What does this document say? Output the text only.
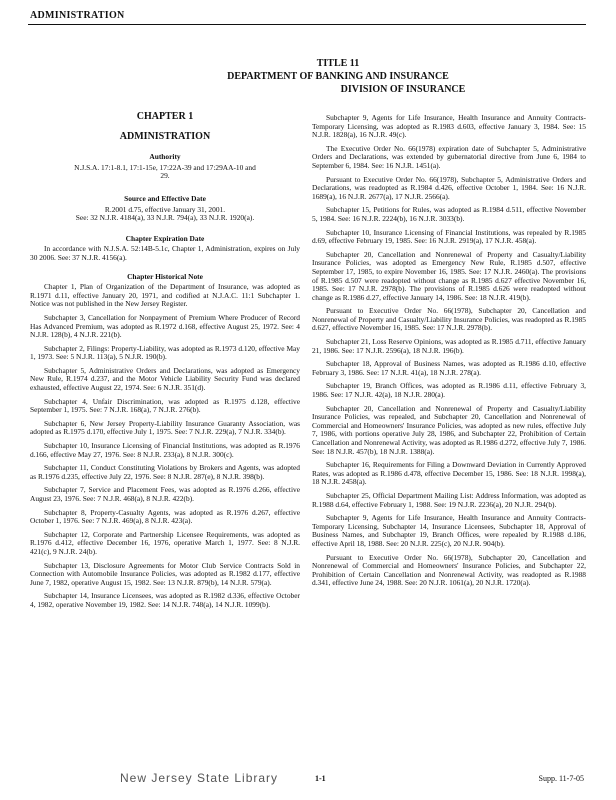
ADMINISTRATION
TITLE 11
DEPARTMENT OF BANKING AND INSURANCE
DIVISION OF INSURANCE
CHAPTER 1
ADMINISTRATION
Authority
N.J.S.A. 17:1-8.1, 17:1-15e, 17:22A-39 and 17:29AA-10 and 29.
Source and Effective Date
R.2001 d.75, effective January 31, 2001.
See: 32 N.J.R. 4184(a), 33 N.J.R. 794(a), 33 N.J.R. 1920(a).
Chapter Expiration Date
In accordance with N.J.S.A. 52:14B-5.1c, Chapter 1, Administration, expires on July 30 2006. See: 37 N.J.R. 4156(a).
Chapter Historical Note
Chapter 1, Plan of Organization of the Department of Insurance, was adopted as R.1971 d.11, effective January 20, 1971, and codified at N.J.A.C. 11:1 Subchapter 1. Notice was not published in the New Jersey Register.
Subchapter 3, Cancellation for Nonpayment of Premium Where Producer of Record Has Advanced Premium, was adopted as R.1972 d.168, effective August 25, 1972. See: 4 N.J.R. 128(b), 4 N.J.R. 221(b).
Subchapter 2, Filings: Property-Liability, was adopted as R.1973 d.120, effective May 1, 1973. See: 5 N.J.R. 113(a), 5 N.J.R. 190(b).
Subchapter 5, Administrative Orders and Declarations, was adopted as Emergency New Rule, R.1974 d.237, and the Motor Vehicle Liability Security Fund was declared exhausted, effective August 22, 1974. See: 6 N.J.R. 351(d).
Subchapter 4, Unfair Discrimination, was adopted as R.1975 d.128, effective September 1, 1975. See: 7 N.J.R. 168(a), 7 N.J.R. 276(b).
Subchapter 6, New Jersey Property-Liability Insurance Guaranty Association, was adopted as R.1975 d.170, effective July 1, 1975. See: 7 N.J.R. 229(a), 7 N.J.R. 334(b).
Subchapter 10, Insurance Licensing of Financial Institutions, was adopted as R.1976 d.166, effective May 27, 1976. See: 8 N.J.R. 233(a), 8 N.J.R. 300(c).
Subchapter 11, Conduct Constituting Violations by Brokers and Agents, was adopted as R.1976 d.235, effective July 22, 1976. See: 8 N.J.R. 287(e), 8 N.J.R. 398(b).
Subchapter 7, Service and Placement Fees, was adopted as R.1976 d.266, effective August 23, 1976. See: 7 N.J.R. 468(a), 8 N.J.R. 422(b).
Subchapter 8, Property-Casualty Agents, was adopted as R.1976 d.267, effective October 1, 1976. See: 7 N.J.R. 469(a), 8 N.J.R. 423(a).
Subchapter 12, Corporate and Partnership Licensee Requirements, was adopted as R.1976 d.412, effective December 16, 1976, operative March 1, 1977. See: 8 N.J.R. 421(c), 9 N.J.R. 24(b).
Subchapter 13, Disclosure Agreements for Motor Club Service Contracts Sold in Connection with Automobile Insurance Policies, was adopted as R.1982 d.177, effective June 7, 1982, operative August 15, 1982. See: 13 N.J.R. 879(b), 14 N.J.R. 579(a).
Subchapter 14, Insurance Licensees, was adopted as R.1982 d.336, effective October 4, 1982, operative November 19, 1982. See: 14 N.J.R. 748(a), 14 N.J.R. 1099(b).
Subchapter 9, Agents for Life Insurance, Health Insurance and Annuity Contracts-Temporary Licensing, was adopted as R.1983 d.603, effective January 3, 1984. See: 15 N.J.R. 1828(a), 16 N.J.R. 49(c).
The Executive Order No. 66(1978) expiration date of Subchapter 5, Administrative Orders and Declarations, was extended by gubernatorial directive from June 6, 1984 to September 6, 1984. See: 16 N.J.R. 1451(a).
Pursuant to Executive Order No. 66(1978), Subchapter 5, Administrative Orders and Declarations, was readopted as R.1984 d.426, effective October 1, 1984. See: 16 N.J.R. 1689(a), 16 N.J.R. 2677(a), 17 N.J.R. 2566(a).
Subchapter 15, Petitions for Rules, was adopted as R.1984 d.511, effective November 5, 1984. See: 16 N.J.R. 2224(b), 16 N.J.R. 3033(b).
Subchapter 10, Insurance Licensing of Financial Institutions, was repealed by R.1985 d.69, effective February 19, 1985. See: 16 N.J.R. 2919(a), 17 N.J.R. 458(a).
Subchapter 20, Cancellation and Nonrenewal of Property and Casualty/Liability Insurance Policies, was adopted as Emergency New Rule, R.1985 d.507, effective September 17, 1985, to expire November 16, 1985. See: 17 N.J.R. 2460(a). The provisions of R.1985 d.507 were readopted without change as R.1985 d.627 effective November 16, 1985. See: 17 N.J.R. 2978(b). The provisions of R.1985 d.626 were readopted without change as R.1986 d.27, effective January 14, 1986. See: 18 N.J.R. 419(b).
Pursuant to Executive Order No. 66(1978), Subchapter 20, Cancellation and Nonrenewal of Property and Casualty/Liability Insurance Policies, was readopted as R.1985 d.627, effective November 16, 1985. See: 17 N.J.R. 2978(b).
Subchapter 21, Loss Reserve Opinions, was adopted as R.1985 d.711, effective January 21, 1986. See: 17 N.J.R. 2596(a), 18 N.J.R. 196(b).
Subchapter 18, Approval of Business Names, was adopted as R.1986 d.10, effective February 3, 1986. See: 17 N.J.R. 41(a), 18 N.J.R. 278(a).
Subchapter 19, Branch Offices, was adopted as R.1986 d.11, effective February 3, 1986. See: 17 N.J.R. 42(a), 18 N.J.R. 280(a).
Subchapter 20, Cancellation and Nonrenewal of Property and Casualty/Liability Insurance Policies, was repealed, and Subchapter 20, Cancellation and Nonrenewal of Commercial and Homeowners' Insurance Policies, was adopted as new rules, effective July 7, 1986, with portions operative July 28, 1986, and Subchapter 22, Prohibition of Certain Cancellation and Nonrenewal Activity, was adopted as R.1986 d.272, effective July 7, 1986. See: 18 N.J.R. 457(b), 18 N.J.R. 1388(a).
Subchapter 16, Requirements for Filing a Downward Deviation in Currently Approved Rates, was adopted as R.1986 d.478, effective December 15, 1986. See: 18 N.J.R. 1998(a), 18 N.J.R. 2458(a).
Subchapter 25, Official Department Mailing List: Address Information, was adopted as R.1988 d.64, effective February 1, 1988. See: 19 N.J.R. 2236(a), 20 N.J.R. 294(b).
Subchapter 9, Agents for Life Insurance, Health Insurance and Annuity Contracts-Temporary Licensing, Subchapter 14, Insurance Licensees, Subchapter 18, Approval of Business Names, and Subchapter 19, Branch Offices, were repealed by R.1988 d.186, effective April 18, 1988. See: 20 N.J.R. 225(c), 20 N.J.R. 904(b).
Pursuant to Executive Order No. 66(1978), Subchapter 20, Cancellation and Nonrenewal of Commercial and Homeowners' Insurance Policies, and Subchapter 22, Prohibition of Certain Cancellation and Nonrenewal Activity, was readopted as R.1988 d.341, effective June 24, 1988. See: 20 N.J.R. 1061(a), 20 N.J.R. 1720(a).
New Jersey State Library	1-1	Supp. 11-7-05
